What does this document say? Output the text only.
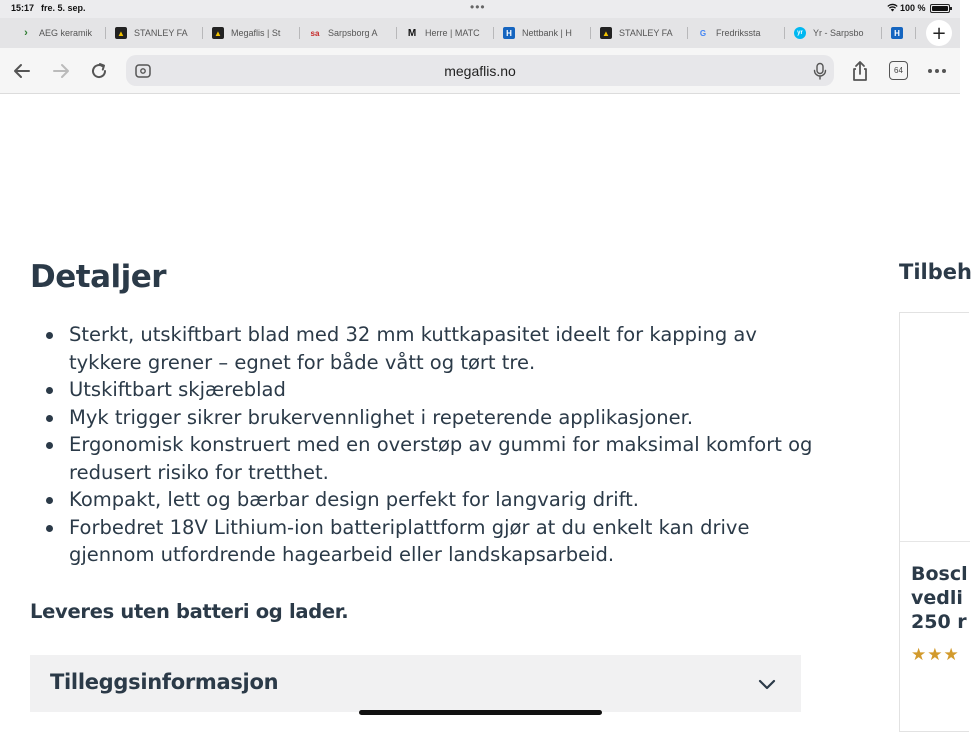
15:17 fre. 5. sep.	•••	100 %
›	AEG keramik	▲ STANLEY FA	▲ Megaflis | St	sa Sarpsborg A	M Herre | MATC	H	Nettbank | H	▲ STANLEY FA	G	Fredrikssta	yr	Yr - Sarpsbo	H	+
megaflis.no	64
Detaljer
Sterkt, utskiftbart blad med 32 mm kuttkapasitet ideelt for kapping av tykkere grener – egnet for både vått og tørt tre.
Utskiftbart skjæreblad
Myk trigger sikrer brukervennlighet i repeterende applikasjoner.
Ergonomisk konstruert med en overstøp av gummi for maksimal komfort og redusert risiko for tretthet.
Kompakt, lett og bærbar design perfekt for langvarig drift.
Forbedret 18V Lithium-ion batteriplattform gjør at du enkelt kan drive gjennom utfordrende hagearbeid eller landskapsarbeid.

Leveres uten batteri og lader.

Tilleggsinformasjon
Tilbeh
Boscl
vedli
250 r
★★★
